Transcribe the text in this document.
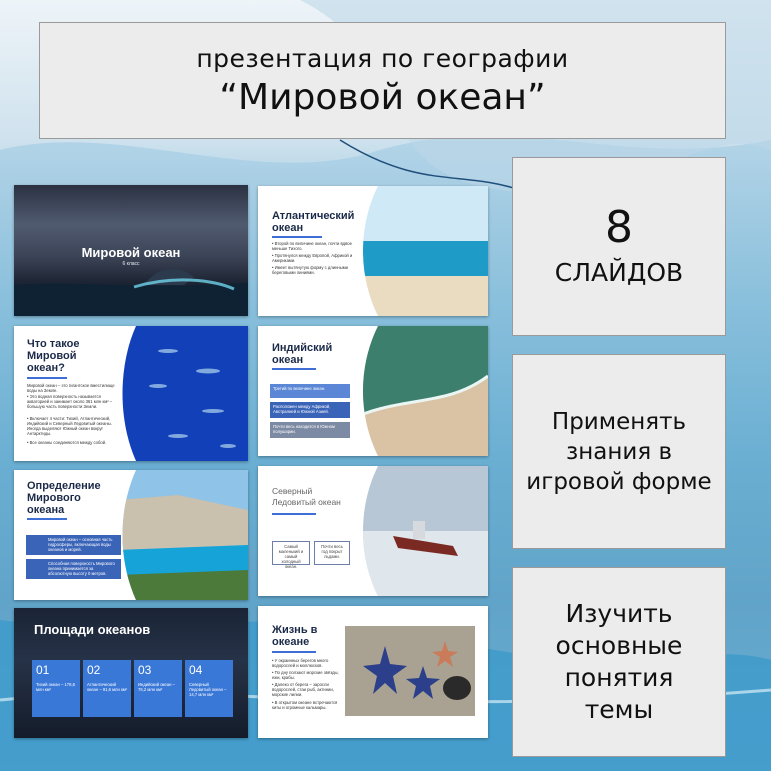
презентация по географии
“Мировой океан”
8
СЛАЙДОВ
Применять
знания в
игровой форме
Изучить
основные
понятия
темы
Мировой океан
6 класс
Атлантический
океан
• Второй по величине океан, почти вдвое меньше Тихого.
• Протянулся между Европой, Африкой и Америками.
• Имеет вытянутую форму с длинными береговыми линиями.
Что такое
Мировой
океан?
Мировой океан – это гигантское вместилище воды на Земле.
• Это водная поверхность называется акваторией и занимает около 361 млн км² – большую часть поверхности Земли.
• Включает 4 части: Тихий, Атлантический, Индийский и Северный Ледовитый океаны. Иногда выделяют Южный океан вокруг Антарктиды.
• Все океаны соединяются между собой.
Индийский
океан
Третий по величине океан.
Расположен между Африкой, Австралией и Южной Азией.
Почти весь находится в Южном полушарии.
Определение
Мирового
океана
Мировой океан – основная часть гидросферы, включающая воды океанов и морей.
Способная поверхность Мирового океана принимается за абсолютную высоту 0 метров.
Северный
Ледовитый океан
Самый маленький и самый холодный океан.
Почти весь год покрыт льдами.
Площади океанов
01
Тихий океан – 178,6 млн км²
02
Атлантический океан – 91,6 млн км²
03
Индийский океан – 76,2 млн км²
04
Северный Ледовитый океан – 14,7 млн км²
Жизнь в
океане
• У окраинных берегов много водорослей и моллюсков.
• По дну ползают морские звёзды, ежи, крабы.
• Далеко от берега – заросли водорослей, стаи рыб, актинии, морские лилии.
• В открытом океане встречаются киты и огромные кальмары.
